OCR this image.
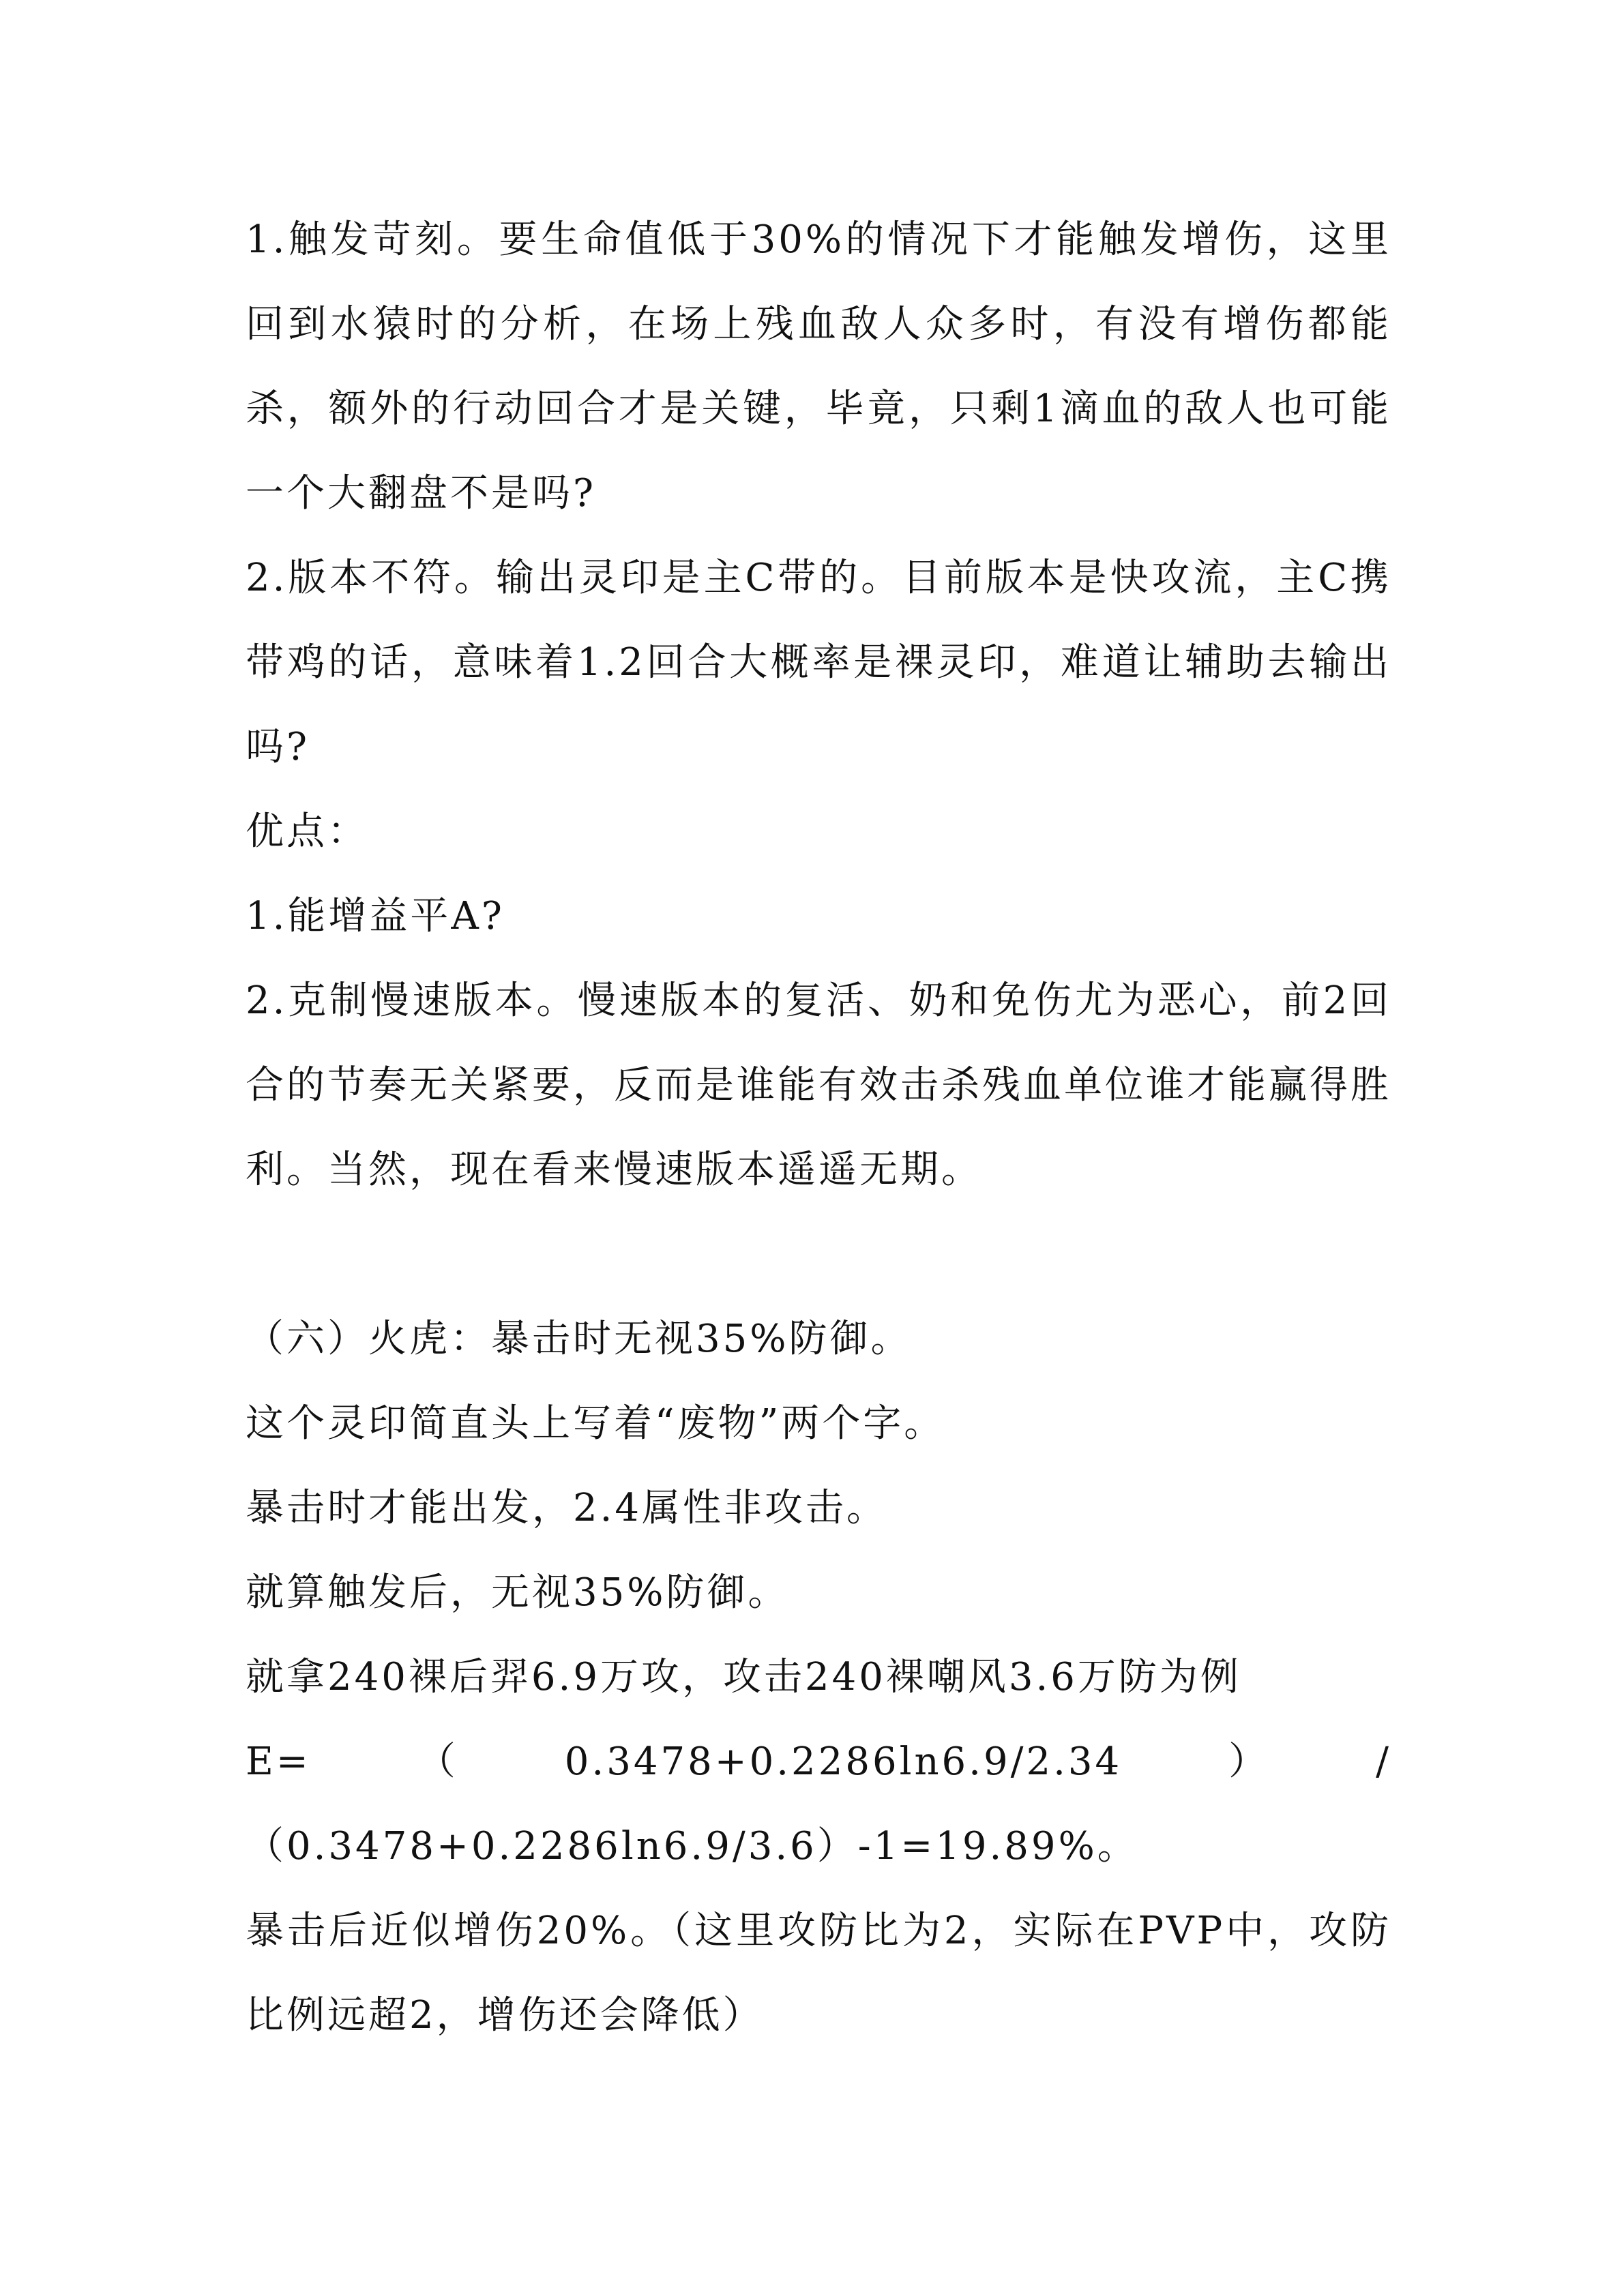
1.触发苛刻。要生命值低于30%的情况下才能触发增伤，这里回到水猿时的分析，在场上残血敌人众多时，有没有增伤都能杀，额外的行动回合才是关键，毕竟，只剩1滴血的敌人也可能一个大翻盘不是吗?

2.版本不符。输出灵印是主C带的。目前版本是快攻流，主C携带鸡的话，意味着1.2回合大概率是裸灵印，难道让辅助去输出吗?

优点：

1.能增益平A?

2.克制慢速版本。慢速版本的复活、奶和免伤尤为恶心，前2回合的节奏无关紧要，反而是谁能有效击杀残血单位谁才能赢得胜利。当然，现在看来慢速版本遥遥无期。

（六）火虎：暴击时无视35%防御。

这个灵印简直头上写着“废物”两个字。

暴击时才能出发，2.4属性非攻击。

就算触发后，无视35%防御。

就拿240裸后羿6.9万攻，攻击240裸嘲风3.6万防为例

E=（0.3478+0.2286ln6.9/2.34）/（0.3478+0.2286ln6.9/3.6）-1=19.89%。

暴击后近似增伤20%。（这里攻防比为2，实际在PVP中，攻防比例远超2，增伤还会降低）
